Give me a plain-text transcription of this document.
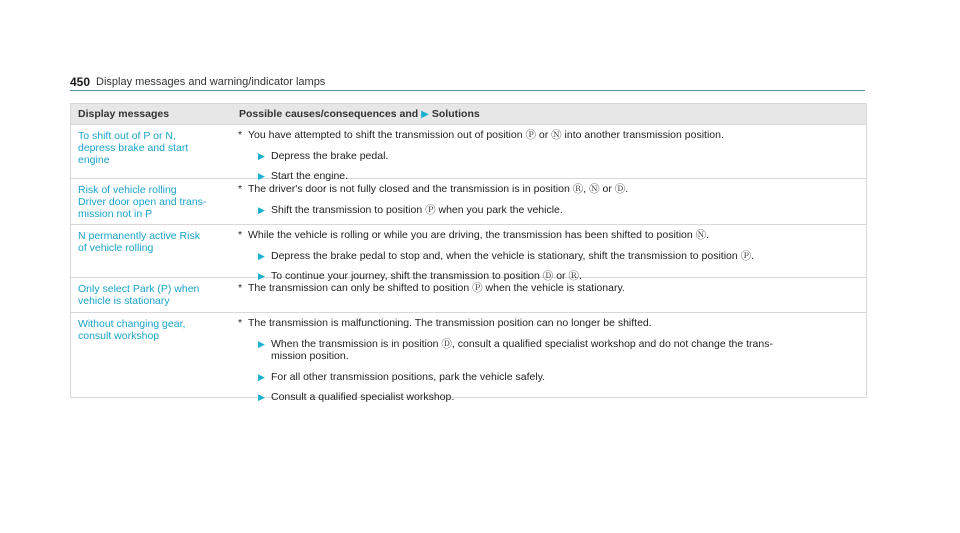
450 Display messages and warning/indicator lamps
Display messages	Possible causes/consequences and ▶ Solutions
To shift out of P or N,
depress brake and start
engine
* You have attempted to shift the transmission out of position Ⓟ or Ⓝ into another transmission position.
▶ Depress the brake pedal.
▶ Start the engine.
Risk of vehicle rolling
Driver door open and trans-
mission not in P
* The driver's door is not fully closed and the transmission is in position Ⓡ, Ⓝ or Ⓓ.
▶ Shift the transmission to position Ⓟ when you park the vehicle.
N permanently active Risk
of vehicle rolling
* While the vehicle is rolling or while you are driving, the transmission has been shifted to position Ⓝ.
▶ Depress the brake pedal to stop and, when the vehicle is stationary, shift the transmission to position Ⓟ.
▶ To continue your journey, shift the transmission to position Ⓓ or Ⓡ.
Only select Park (P) when
vehicle is stationary
* The transmission can only be shifted to position Ⓟ when the vehicle is stationary.
Without changing gear,
consult workshop
* The transmission is malfunctioning. The transmission position can no longer be shifted.
▶ When the transmission is in position Ⓓ, consult a qualified specialist workshop and do not change the trans-
mission position.
▶ For all other transmission positions, park the vehicle safely.
▶ Consult a qualified specialist workshop.
